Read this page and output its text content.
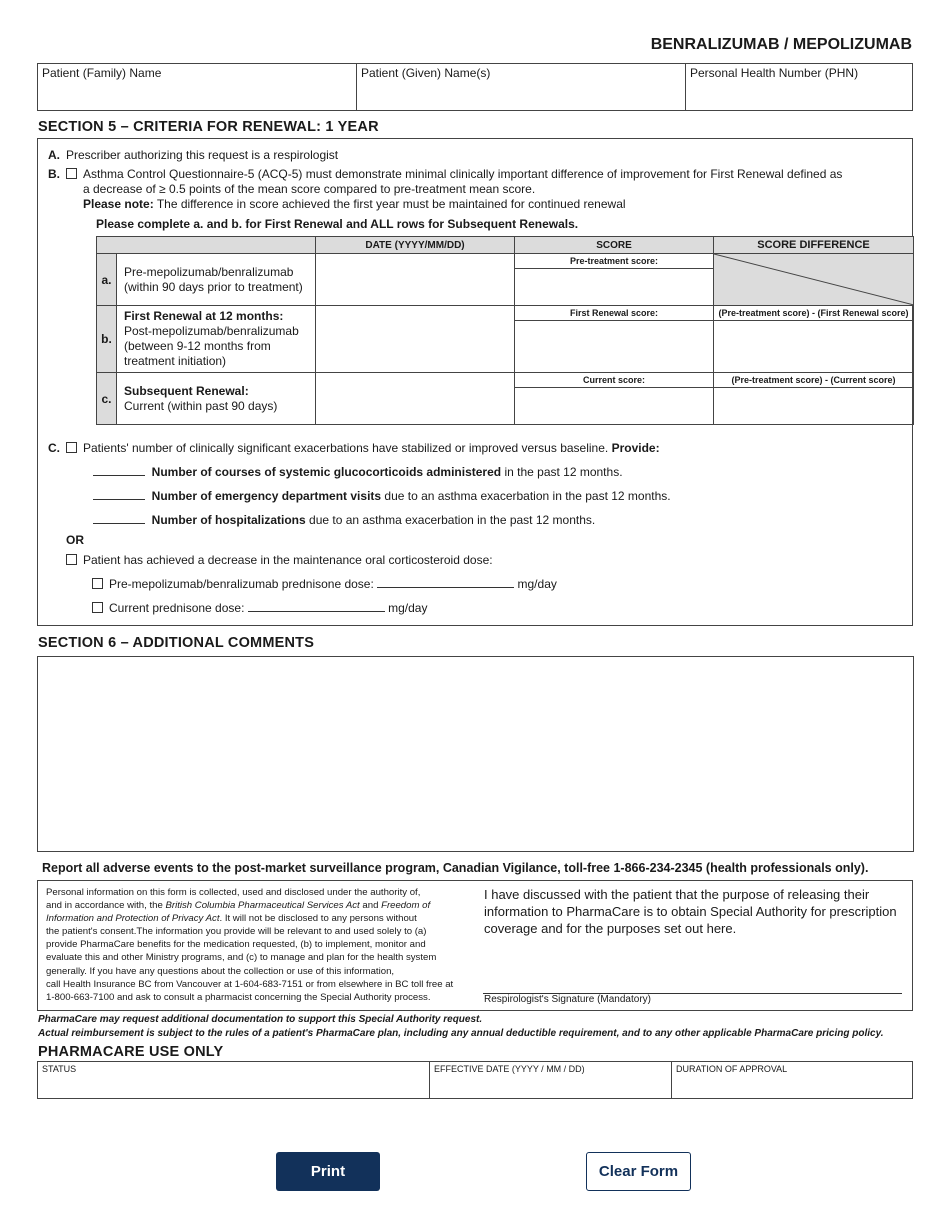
BENRALIZUMAB / MEPOLIZUMAB
Patient (Family) Name	Patient (Given) Name(s)	Personal Health Number (PHN)
SECTION 5 – CRITERIA FOR RENEWAL: 1 YEAR
A. Prescriber authorizing this request is a respirologist
B. Asthma Control Questionnaire-5 (ACQ-5) must demonstrate minimal clinically important difference of improvement for First Renewal defined as
a decrease of ≥ 0.5 points of the mean score compared to pre-treatment mean score.
Please note: The difference in score achieved the first year must be maintained for continued renewal
Please complete a. and b. for First Renewal and ALL rows for Subsequent Renewals.
		DATE (YYYY/MM/DD)	SCORE	SCORE DIFFERENCE
a.	Pre-mepolizumab/benralizumab
(within 90 days prior to treatment)		Pre-treatment score:

b.	First Renewal at 12 months:
Post-mepolizumab/benralizumab
(between 9-12 months from
treatment initiation)		First Renewal score:	(Pre-treatment score) - (First Renewal score)

c.	Subsequent Renewal:
Current (within past 90 days)		Current score:	(Pre-treatment score) - (Current score)
C. Patients' number of clinically significant exacerbations have stabilized or improved versus baseline. Provide:
Number of courses of systemic glucocorticoids administered in the past 12 months.
Number of emergency department visits due to an asthma exacerbation in the past 12 months.
Number of hospitalizations due to an asthma exacerbation in the past 12 months.
OR
Patient has achieved a decrease in the maintenance oral corticosteroid dose:
Pre-mepolizumab/benralizumab prednisone dose:	mg/day
Current prednisone dose:	mg/day
SECTION 6 – ADDITIONAL COMMENTS
Report all adverse events to the post-market surveillance program, Canadian Vigilance, toll-free 1-866-234-2345 (health professionals only).
Personal information on this form is collected, used and disclosed under the authority of,
and in accordance with, the British Columbia Pharmaceutical Services Act and Freedom of
Information and Protection of Privacy Act. It will not be disclosed to any persons without
the patient's consent.The information you provide will be relevant to and used solely to (a)
provide PharmaCare benefits for the medication requested, (b) to implement, monitor and
evaluate this and other Ministry programs, and (c) to manage and plan for the health system
generally. If you have any questions about the collection or use of this information,
call Health Insurance BC from Vancouver at 1-604-683-7151 or from elsewhere in BC toll free at
1-800-663-7100 and ask to consult a pharmacist concerning the Special Authority process.
I have discussed with the patient that the purpose of releasing their information to PharmaCare is to obtain Special Authority for prescription coverage and for the purposes set out here.
Respirologist's Signature (Mandatory)
PharmaCare may request additional documentation to support this Special Authority request.
Actual reimbursement is subject to the rules of a patient's PharmaCare plan, including any annual deductible requirement, and to any other applicable PharmaCare pricing policy.
PHARMACARE USE ONLY
STATUS	EFFECTIVE DATE (YYYY / MM / DD)	DURATION OF APPROVAL
Print	Clear Form
